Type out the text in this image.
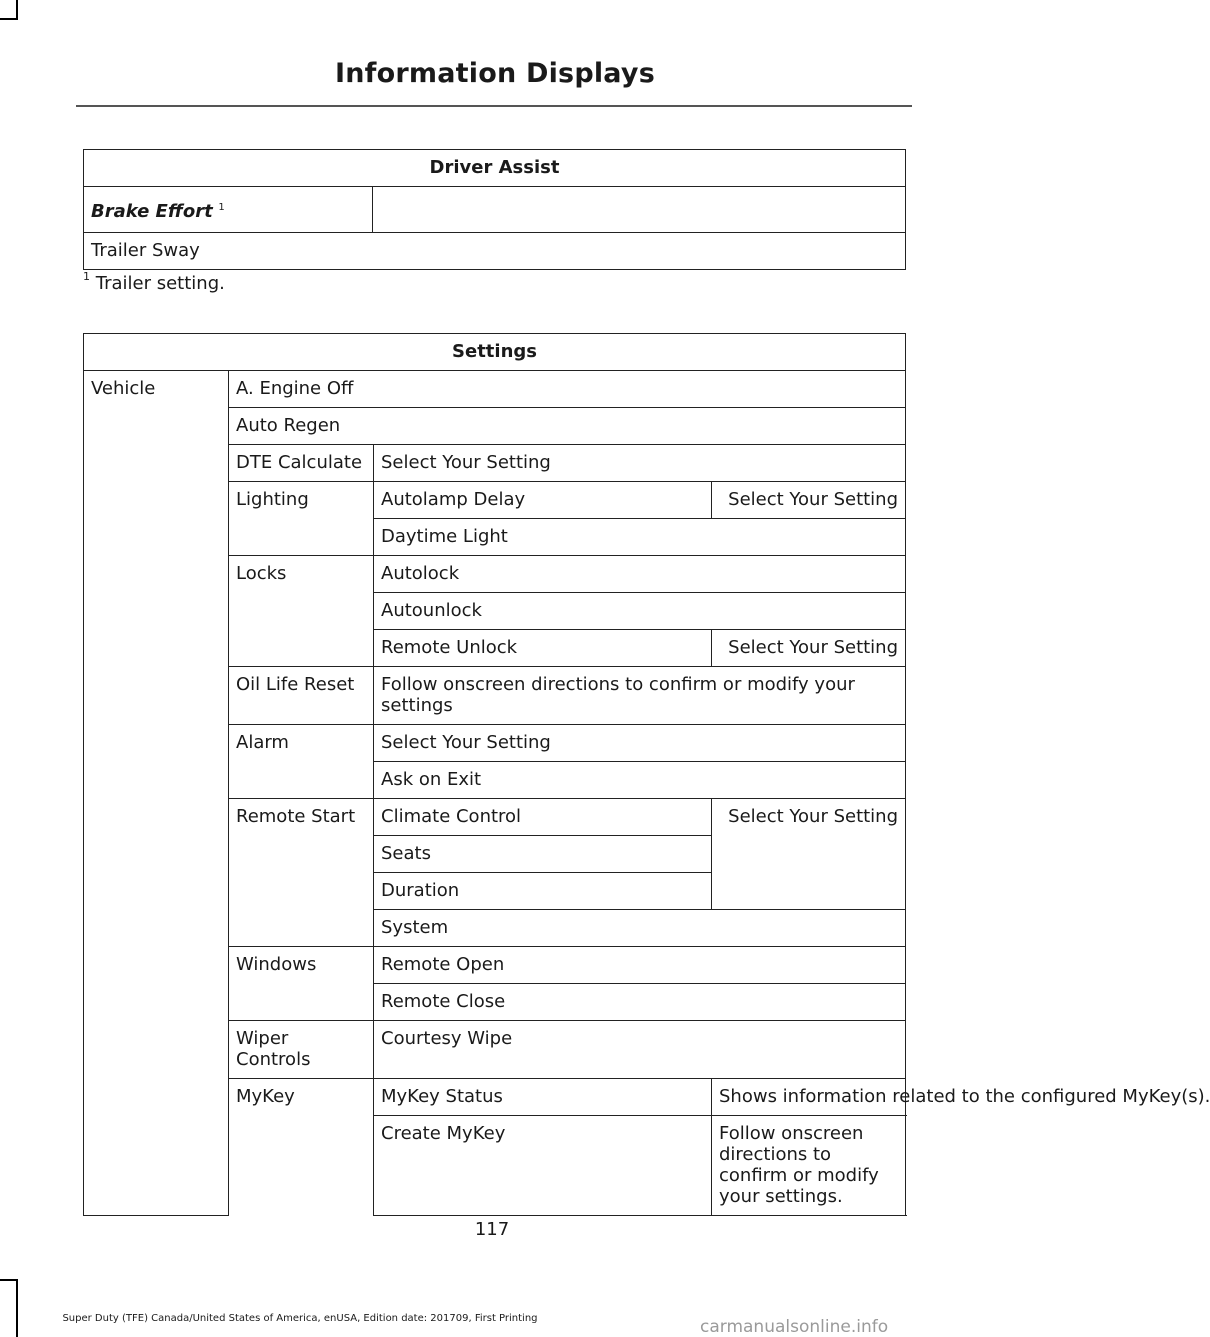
Information Displays
Driver Assist
Brake Effort $^1$	
Trailer Sway
$^1$ Trailer setting.
Settings			
Vehicle	A. Engine Off		
	Auto Regen		
	DTE Calculate	Select Your Setting	
	Lighting	Autolamp Delay	Select Your Setting
		Daytime Light	
	Locks	Autolock	
		Autounlock	
		Remote Unlock	Select Your Setting
	Oil Life Reset	Follow onscreen directions to confirm or modify your settings	
	Alarm	Select Your Setting	
		Ask on Exit	
	Remote Start	Climate Control	Select Your Setting
		Seats	
		Duration	
		System	
	Windows	Remote Open	
		Remote Close	
	Wiper Controls	Courtesy Wipe	
	MyKey	MyKey Status	Shows information related to the configured MyKey(s).
		Create MyKey	Follow onscreen directions to confirm or modify your settings.
117
Super Duty (TFE) Canada/United States of America, enUSA, Edition date: 201709, First Printing	carmanualsonline.info
